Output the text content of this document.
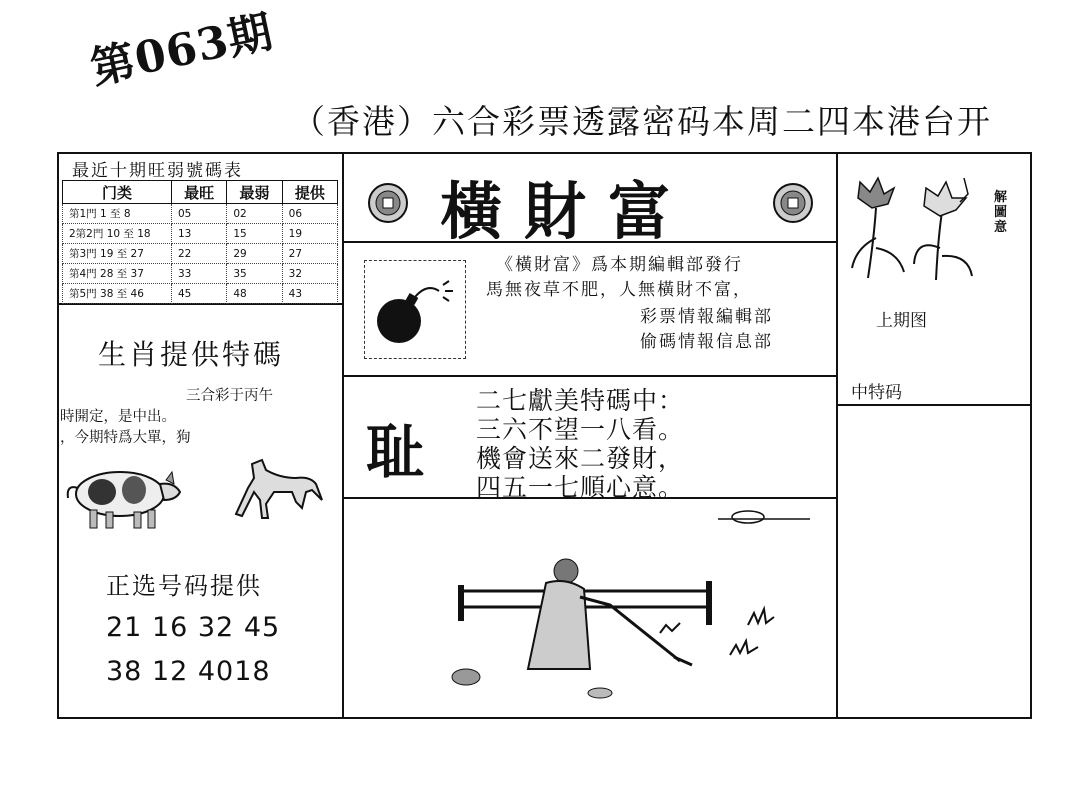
第063期
（香港）六合彩票透露密码本周二四本港台开
最近十期旺弱號碼表
门类	最旺	最弱	提供
第1門 1 至 8	05	02	06
2第2門 10 至 18	13	15	19
第3門 19 至 27	22	29	27
第4門 28 至 37	33	35	32
第5門 38 至 46	45	48	43
生肖提供特碼
三合彩于丙午
時開定，是中出。
，今期特爲大單，狗
正选号码提供
21 16 32 45
38 12 4018
橫財富
《橫財富》爲本期編輯部發行
馬無夜草不肥，人無橫財不富，
彩票情報編輯部
偷碼情報信息部
耻
二七獻美特碼中：
三六不望一八看。
機會送來二發財，
四五一七順心意。
解圖意
上期图
中特码
